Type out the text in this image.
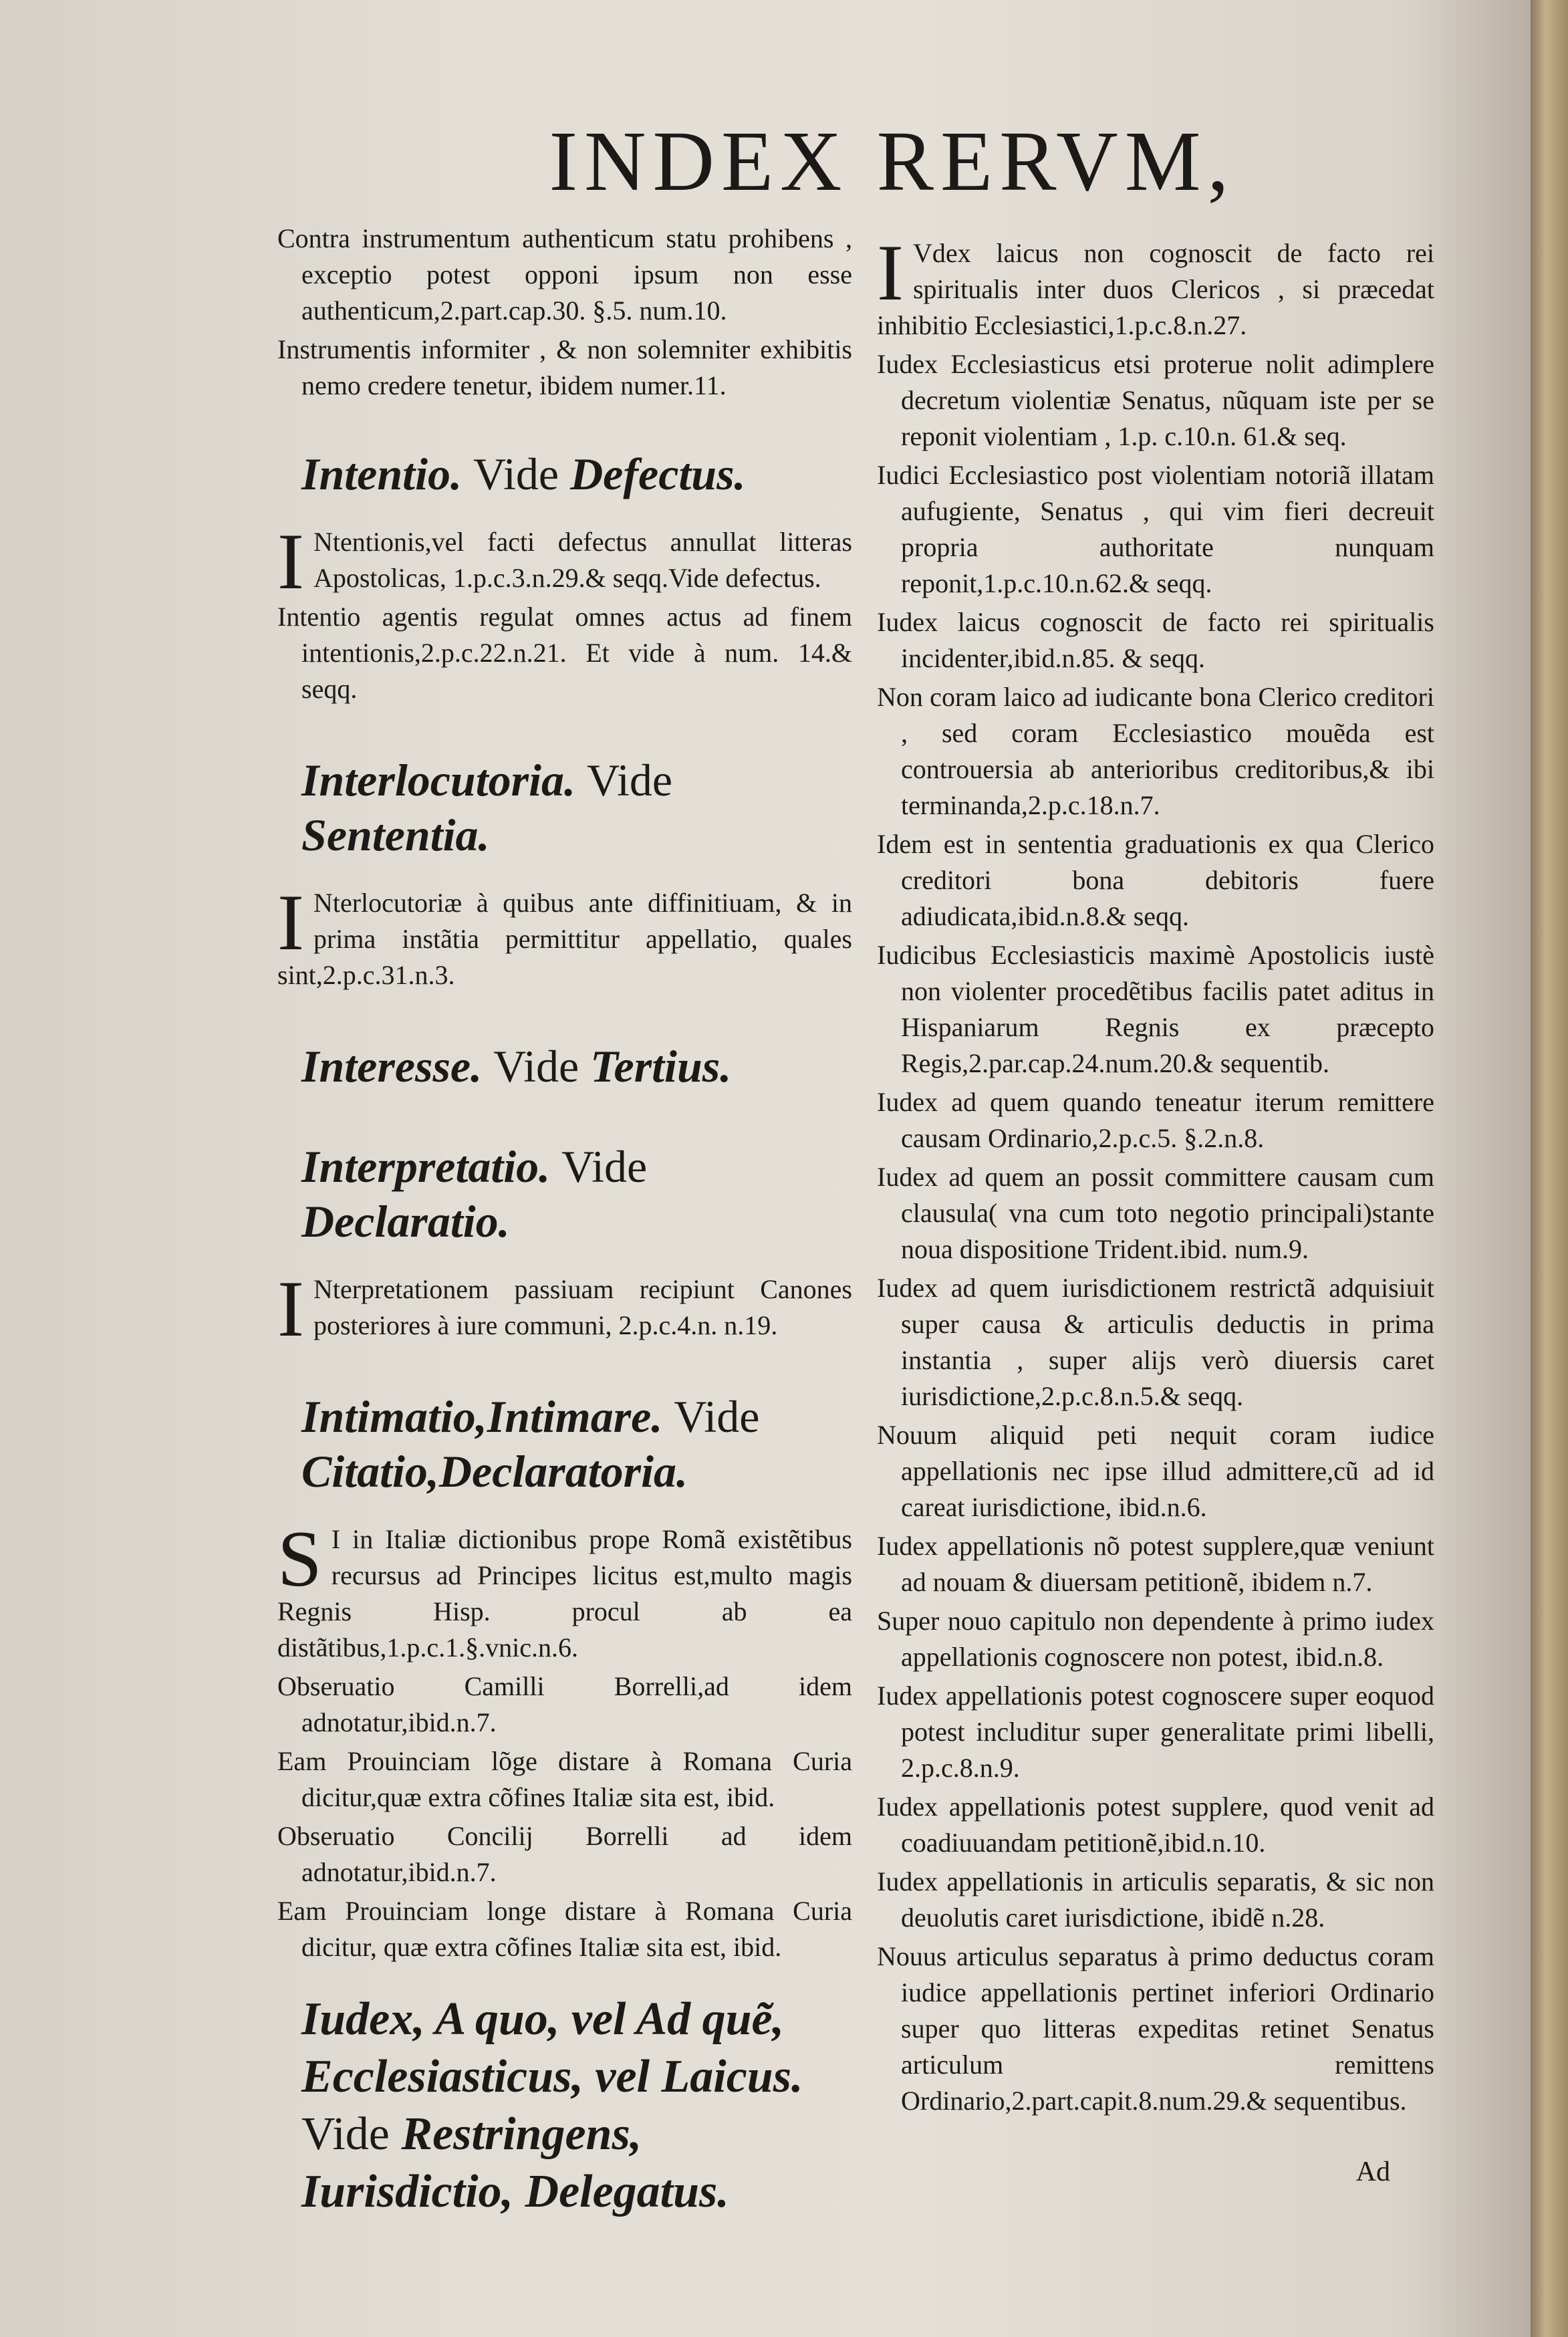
INDEX RERVM,
Contra instrumentum authenticum statu prohibens , exceptio potest opponi ipsum non esse authenticum,2.part.cap.30. §.5. num.10.
Instrumentis informiter , & non solemniter exhibitis nemo credere tenetur, ibidem numer.11.
Intentio. Vide Defectus.
I Ntentionis,vel facti defectus annullat litteras Apostolicas, 1.p.c.3.n.29.& seqq.Vide defectus.
Intentio agentis regulat omnes actus ad finem intentionis,2.p.c.22.n.21. Et vide à num. 14.& seqq.
Interlocutoria. Vide Sententia.
I Nterlocutoriæ à quibus ante diffinitiuam, & in prima instãtia permittitur appellatio, quales sint,2.p.c.31.n.3.
Interesse. Vide Tertius.
Interpretatio. Vide Declaratio.
I Nterpretationem passiuam recipiunt Canones posteriores à iure communi, 2.p.c.4.n. n.19.
Intimatio,Intimare. Vide Citatio,Declaratoria.
S I in Italiæ dictionibus prope Romã existẽtibus recursus ad Principes licitus est,multo magis Regnis Hisp. procul ab ea distãtibus,1.p.c.1.§.vnic.n.6.
Obseruatio Camilli Borrelli,ad idem adnotatur,ibid.n.7.
Eam Prouinciam lõge distare à Romana Curia dicitur,quæ extra cõfines Italiæ sita est, ibid.
Obseruatio Concilij Borrelli ad idem adnotatur,ibid.n.7.
Eam Prouinciam longe distare à Romana Curia dicitur, quæ extra cõfines Italiæ sita est, ibid.
Iudex, A quo, vel Ad quẽ, Ecclesiasticus, vel Laicus. Vide Restringens, Iurisdictio, Delegatus.
I Vdex laicus non cognoscit de facto rei spiritualis inter duos Clericos , si præcedat inhibitio Ecclesiastici,1.p.c.8.n.27.
Iudex Ecclesiasticus etsi proterue nolit adimplere decretum violentiæ Senatus, nũquam iste per se reponit violentiam , 1.p. c.10.n. 61.& seq.
Iudici Ecclesiastico post violentiam notoriã illatam aufugiente, Senatus , qui vim fieri decreuit propria authoritate nunquam reponit,1.p.c.10.n.62.& seqq.
Iudex laicus cognoscit de facto rei spiritualis incidenter,ibid.n.85. & seqq.
Non coram laico ad iudicante bona Clerico creditori , sed coram Ecclesiastico mouẽda est controuersia ab anterioribus creditoribus,& ibi terminanda,2.p.c.18.n.7.
Idem est in sententia graduationis ex qua Clerico creditori bona debitoris fuere adiudicata,ibid.n.8.& seqq.
Iudicibus Ecclesiasticis maximè Apostolicis iustè non violenter procedẽtibus facilis patet aditus in Hispaniarum Regnis ex præcepto Regis,2.par.cap.24.num.20.& sequentib.
Iudex ad quem quando teneatur iterum remittere causam Ordinario,2.p.c.5. §.2.n.8.
Iudex ad quem an possit committere causam cum clausula( vna cum toto negotio principali)stante noua dispositione Trident.ibid. num.9.
Iudex ad quem iurisdictionem restrictã adquisiuit super causa & articulis deductis in prima instantia , super alijs verò diuersis caret iurisdictione,2.p.c.8.n.5.& seqq.
Nouum aliquid peti nequit coram iudice appellationis nec ipse illud admittere,cũ ad id careat iurisdictione, ibid.n.6.
Iudex appellationis nõ potest supplere,quæ veniunt ad nouam & diuersam petitionẽ, ibidem n.7.
Super nouo capitulo non dependente à primo iudex appellationis cognoscere non potest, ibid.n.8.
Iudex appellationis potest cognoscere super eoquod potest includitur super generalitate primi libelli, 2.p.c.8.n.9.
Iudex appellationis potest supplere, quod venit ad coadiuuandam petitionẽ,ibid.n.10.
Iudex appellationis in articulis separatis, & sic non deuolutis caret iurisdictione, ibidẽ n.28.
Nouus articulus separatus à primo deductus coram iudice appellationis pertinet inferiori Ordinario super quo litteras expeditas retinet Senatus articulum remittens Ordinario,2.part.capit.8.num.29.& sequentibus.
Ad
